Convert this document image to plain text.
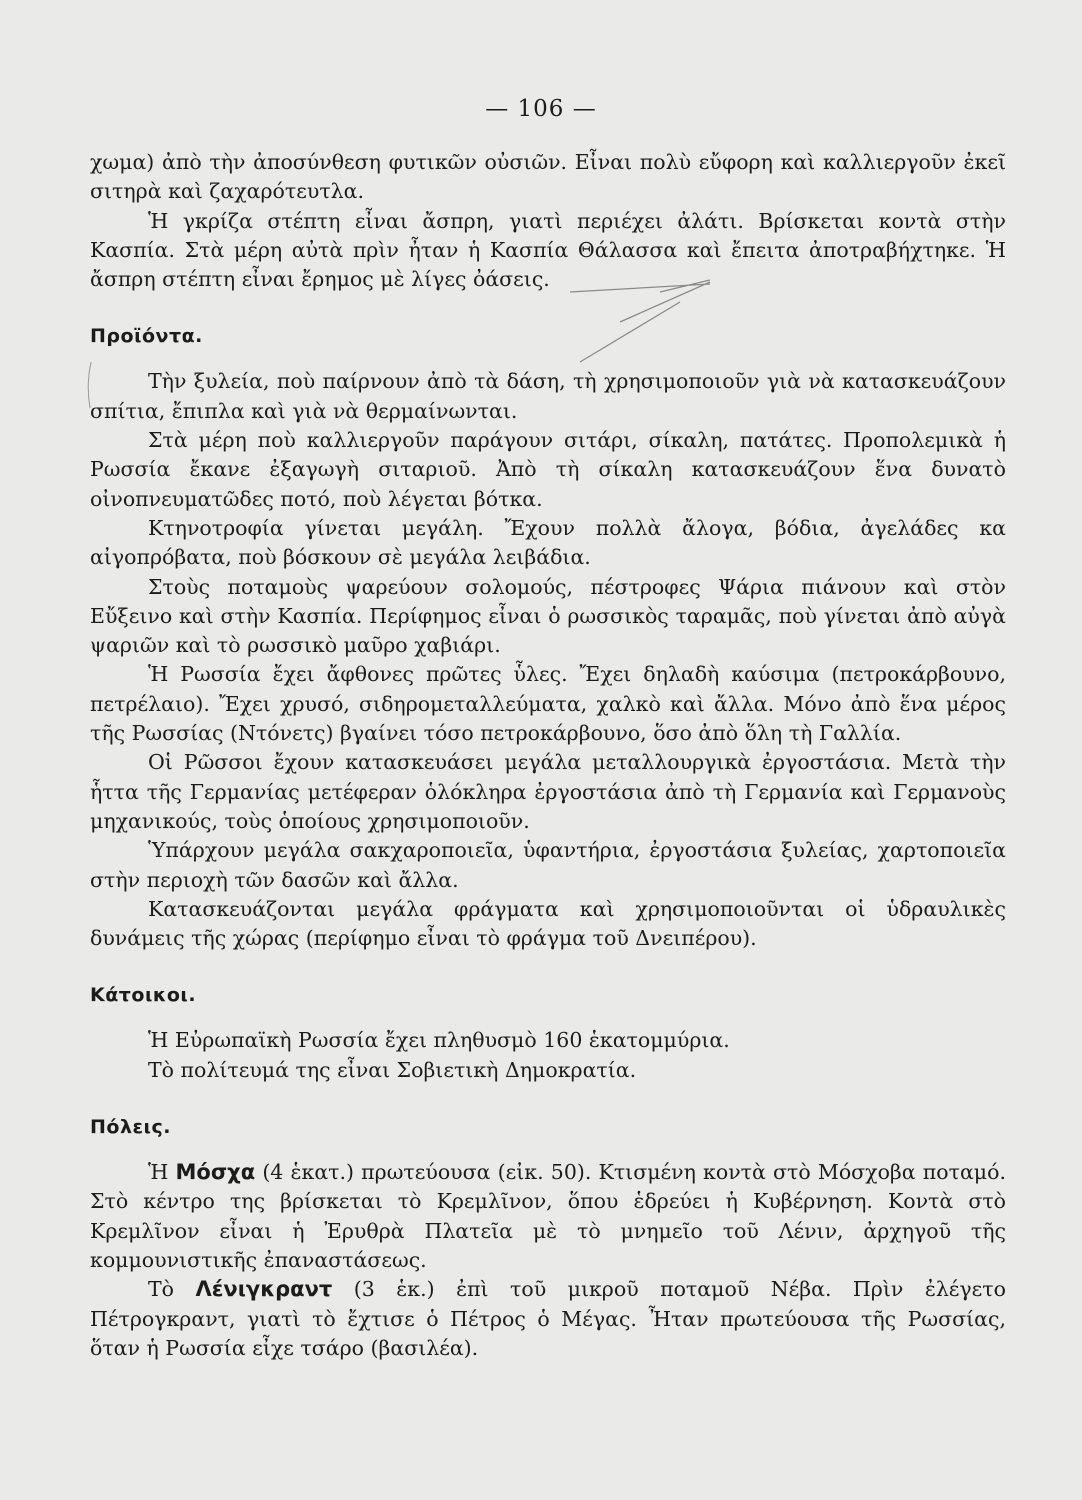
— 106 —

χωμα) ἀπὸ τὴν ἀποσύνθεση φυτικῶν οὐσιῶν. Εἶναι πολὺ εὔφορη καὶ καλλιεργοῦν ἐκεῖ σιτηρὰ καὶ ζαχαρότευτλα.

Ἡ γκρίζα στέπτη εἶναι ἄσπρη, γιατὶ περιέχει ἀλάτι. Βρίσκεται κοντὰ στὴν Κασπία. Στὰ μέρη αὐτὰ πρὶν ἦταν ἡ Κασπία Θάλασσα καὶ ἔπειτα ἀποτραβήχτηκε. Ἡ ἄσπρη στέπτη εἶναι ἔρημος μὲ λίγες ὀάσεις.

Προϊόντα.

Τὴν ξυλεία, ποὺ παίρνουν ἀπὸ τὰ δάση, τὴ χρησιμοποιοῦν γιὰ νὰ κατασκευάζουν σπίτια, ἔπιπλα καὶ γιὰ νὰ θερμαίνωνται.

Στὰ μέρη ποὺ καλλιεργοῦν παράγουν σιτάρι, σίκαλη, πατάτες. Προπολεμικὰ ἡ Ρωσσία ἔκανε ἐξαγωγὴ σιταριοῦ. Ἀπὸ τὴ σίκαλη κατασκευάζουν ἕνα δυνατὸ οἰνοπνευματῶδες ποτό, ποὺ λέγεται βότκα.

Κτηνοτροφία γίνεται μεγάλη. Ἔχουν πολλὰ ἄλογα, βόδια, ἀγελάδες κα αἰγοπρόβατα, ποὺ βόσκουν σὲ μεγάλα λειβάδια.

Στοὺς ποταμοὺς ψαρεύουν σολομούς, πέστροφες Ψάρια πιάνουν καὶ στὸν Εὔξεινο καὶ στὴν Κασπία. Περίφημος εἶναι ὁ ρωσσικὸς ταραμᾶς, ποὺ γίνεται ἀπὸ αὐγὰ ψαριῶν καὶ τὸ ρωσσικὸ μαῦρο χαβιάρι.

Ἡ Ρωσσία ἔχει ἄφθονες πρῶτες ὗλες. Ἔχει δηλαδὴ καύσιμα (πετροκάρβουνο, πετρέλαιο). Ἔχει χρυσό, σιδηρομεταλλεύματα, χαλκὸ καὶ ἄλλα. Μόνο ἀπὸ ἕνα μέρος τῆς Ρωσσίας (Ντόνετς) βγαίνει τόσο πετροκάρβουνο, ὅσο ἀπὸ ὅλη τὴ Γαλλία.

Οἱ Ρῶσσοι ἔχουν κατασκευάσει μεγάλα μεταλλουργικὰ ἐργοστάσια. Μετὰ τὴν ἧττα τῆς Γερμανίας μετέφεραν ὁλόκληρα ἐργοστάσια ἀπὸ τὴ Γερμανία καὶ Γερμανοὺς μηχανικούς, τοὺς ὁποίους χρησιμοποιοῦν.

Ὑπάρχουν μεγάλα σακχαροποιεῖα, ὑφαντήρια, ἐργοστάσια ξυλείας, χαρτοποιεῖα στὴν περιοχὴ τῶν δασῶν καὶ ἄλλα.

Κατασκευάζονται μεγάλα φράγματα καὶ χρησιμοποιοῦνται οἱ ὑδραυλικὲς δυνάμεις τῆς χώρας (περίφημο εἶναι τὸ φράγμα τοῦ Δνειπέρου).

Κάτοικοι.

Ἡ Εὐρωπαϊκὴ Ρωσσία ἔχει πληθυσμὸ 160 ἑκατομμύρια.

Τὸ πολίτευμά της εἶναι Σοβιετικὴ Δημοκρατία.

Πόλεις.

Ἡ Μόσχα (4 ἑκατ.) πρωτεύουσα (εἰκ. 50). Κτισμένη κοντὰ στὸ Μόσχοβα ποταμό. Στὸ κέντρο της βρίσκεται τὸ Κρεμλῖνον, ὅπου ἑδρεύει ἡ Κυβέρνηση. Κοντὰ στὸ Κρεμλῖνον εἶναι ἡ Ἐρυθρὰ Πλατεῖα μὲ τὸ μνημεῖο τοῦ Λένιν, ἀρχηγοῦ τῆς κομμουνιστικῆς ἐπαναστάσεως.

Τὸ Λένιγκραντ (3 ἑκ.) ἐπὶ τοῦ μικροῦ ποταμοῦ Νέβα. Πρὶν ἐλέγετο Πέτρογκραντ, γιατὶ τὸ ἔχτισε ὁ Πέτρος ὁ Μέγας. Ἦταν πρωτεύουσα τῆς Ρωσσίας, ὅταν ἡ Ρωσσία εἶχε τσάρο (βασιλέα).
